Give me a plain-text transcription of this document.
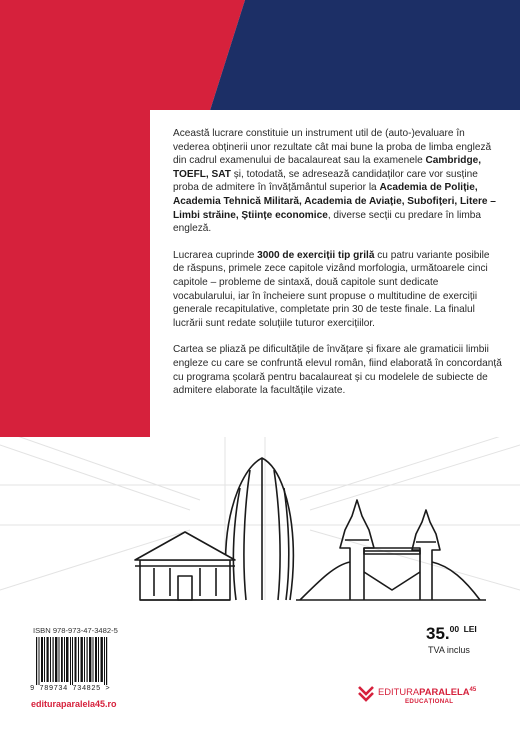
Această lucrare constituie un instrument util de (auto-)evaluare în vederea obținerii unor rezultate cât mai bune la proba de limba engleză din cadrul examenului de bacalaureat sau la examenele Cambridge, TOEFL, SAT și, totodată, se adresează candidaților care vor susține proba de admitere în învățământul superior la Academia de Poliție, Academia Tehnică Militară, Academia de Aviație, Subofițeri, Litere – Limbi străine, Științe economice, diverse secții cu predare în limba engleză.

Lucrarea cuprinde 3000 de exerciții tip grilă cu patru variante posibile de răspuns, primele zece capitole vizând morfologia, următoarele cinci capitole – probleme de sintaxă, două capitole sunt dedicate vocabularului, iar în încheiere sunt propuse o multitudine de exerciții generale recapitulative, completate prin 30 de teste finale. La finalul lucrării sunt redate soluțiile tuturor exercițiilor.

Cartea se pliază pe dificultățile de învățare și fixare ale gramaticii limbii engleze cu care se confruntă elevul român, fiind elaborată în concordanță cu programa școlară pentru bacalaureat și cu modelele de subiecte de admitere elaborate la facultățile vizate.

ISBN 978-973-47-3482-5
9 789734 734825 >
edituraparalela45.ro
35.00 $^{LEI}$
TVA inclus
EDITURAPARALELA$^{45}$
EDUCAȚIONAL
